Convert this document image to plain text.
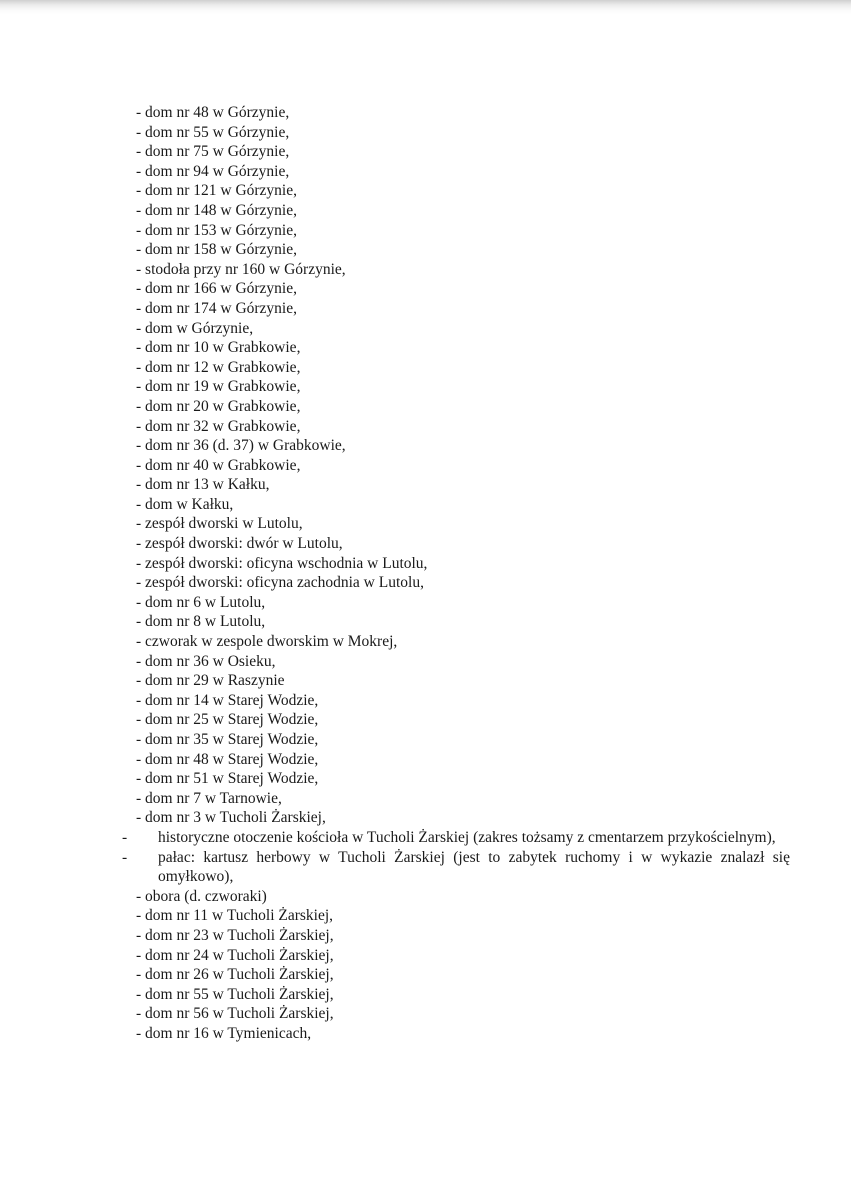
- dom nr 48 w Górzynie,
- dom nr 55 w Górzynie,
- dom nr 75 w Górzynie,
- dom nr 94 w Górzynie,
- dom nr 121 w Górzynie,
- dom nr 148 w Górzynie,
- dom nr 153 w Górzynie,
- dom nr 158 w Górzynie,
- stodoła przy nr 160 w Górzynie,
- dom nr 166 w Górzynie,
- dom nr 174 w Górzynie,
- dom w Górzynie,
- dom nr 10 w Grabkowie,
- dom nr 12 w Grabkowie,
- dom nr 19 w Grabkowie,
- dom nr 20 w Grabkowie,
- dom nr 32 w Grabkowie,
- dom nr 36 (d. 37) w Grabkowie,
- dom nr 40 w Grabkowie,
- dom nr 13 w Kałku,
- dom w Kałku,
- zespół dworski w Lutolu,
- zespół dworski: dwór w Lutolu,
- zespół dworski: oficyna wschodnia w Lutolu,
- zespół dworski: oficyna zachodnia w Lutolu,
- dom nr 6 w Lutolu,
- dom nr 8 w Lutolu,
- czworak w zespole dworskim w Mokrej,
- dom nr 36 w Osieku,
- dom nr 29 w Raszynie
- dom nr 14 w Starej Wodzie,
- dom nr 25 w Starej Wodzie,
- dom nr 35 w Starej Wodzie,
- dom nr 48 w Starej Wodzie,
- dom nr 51 w Starej Wodzie,
- dom nr 7 w Tarnowie,
- dom nr 3 w Tucholi Żarskiej,
- historyczne otoczenie kościoła w Tucholi Żarskiej (zakres tożsamy z cmentarzem przykościelnym),
- pałac: kartusz herbowy w Tucholi Żarskiej (jest to zabytek ruchomy i w wykazie znalazł się omyłkowo),
- obora (d. czworaki)
- dom nr 11 w Tucholi Żarskiej,
- dom nr 23 w Tucholi Żarskiej,
- dom nr 24 w Tucholi Żarskiej,
- dom nr 26 w Tucholi Żarskiej,
- dom nr 55 w Tucholi Żarskiej,
- dom nr 56 w Tucholi Żarskiej,
- dom nr 16 w Tymienicach,
